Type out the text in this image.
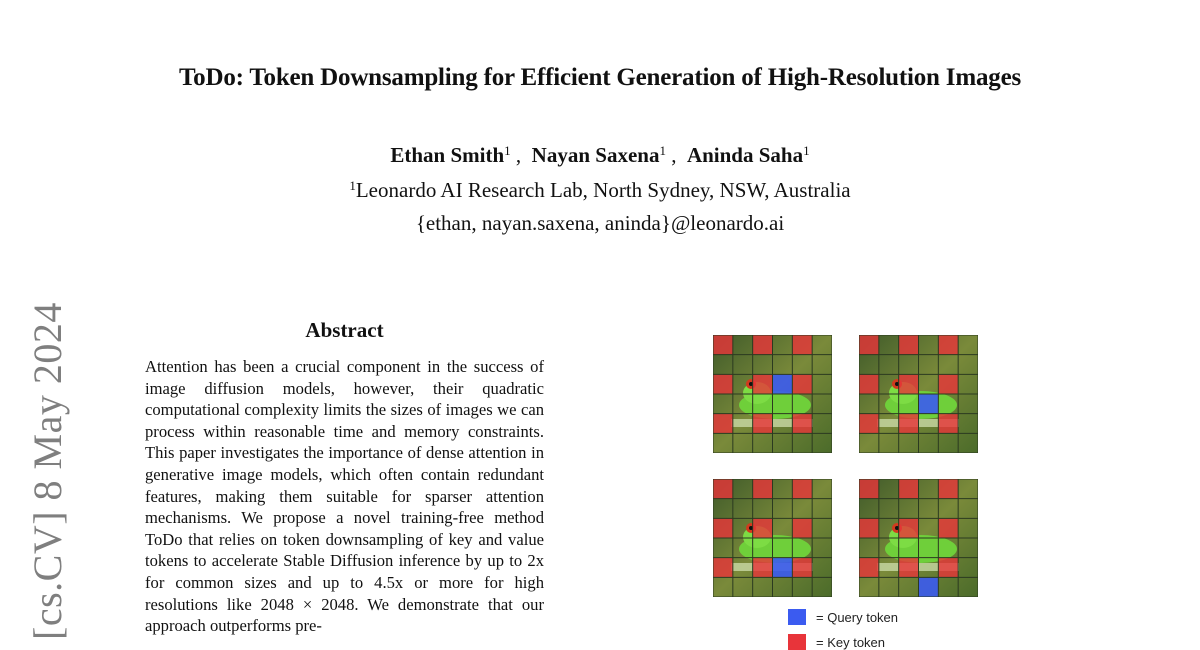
ToDo: Token Downsampling for Efficient Generation of High-Resolution Images
Ethan Smith$^1$ ,  Nayan Saxena$^1$ ,  Aninda Saha$^1$
$^1$Leonardo AI Research Lab, North Sydney, NSW, Australia
{ethan, nayan.saxena, aninda}@leonardo.ai
[cs.CV] 8 May 2024	Abstract
Attention has been a crucial component in the success of image diffusion models, however, their quadratic computational complexity limits the sizes of images we can process within reasonable time and memory constraints. This paper investigates the importance of dense attention in generative image models, which often contain redundant features, making them suitable for sparser attention mechanisms. We propose a novel training-free method ToDo that relies on token downsampling of key and value tokens to accelerate Stable Diffusion inference by up to 2x for common sizes and up to 4.5x or more for high resolutions like 2048 × 2048. We demonstrate that our approach outperforms pre-	= Query token
= Key token
